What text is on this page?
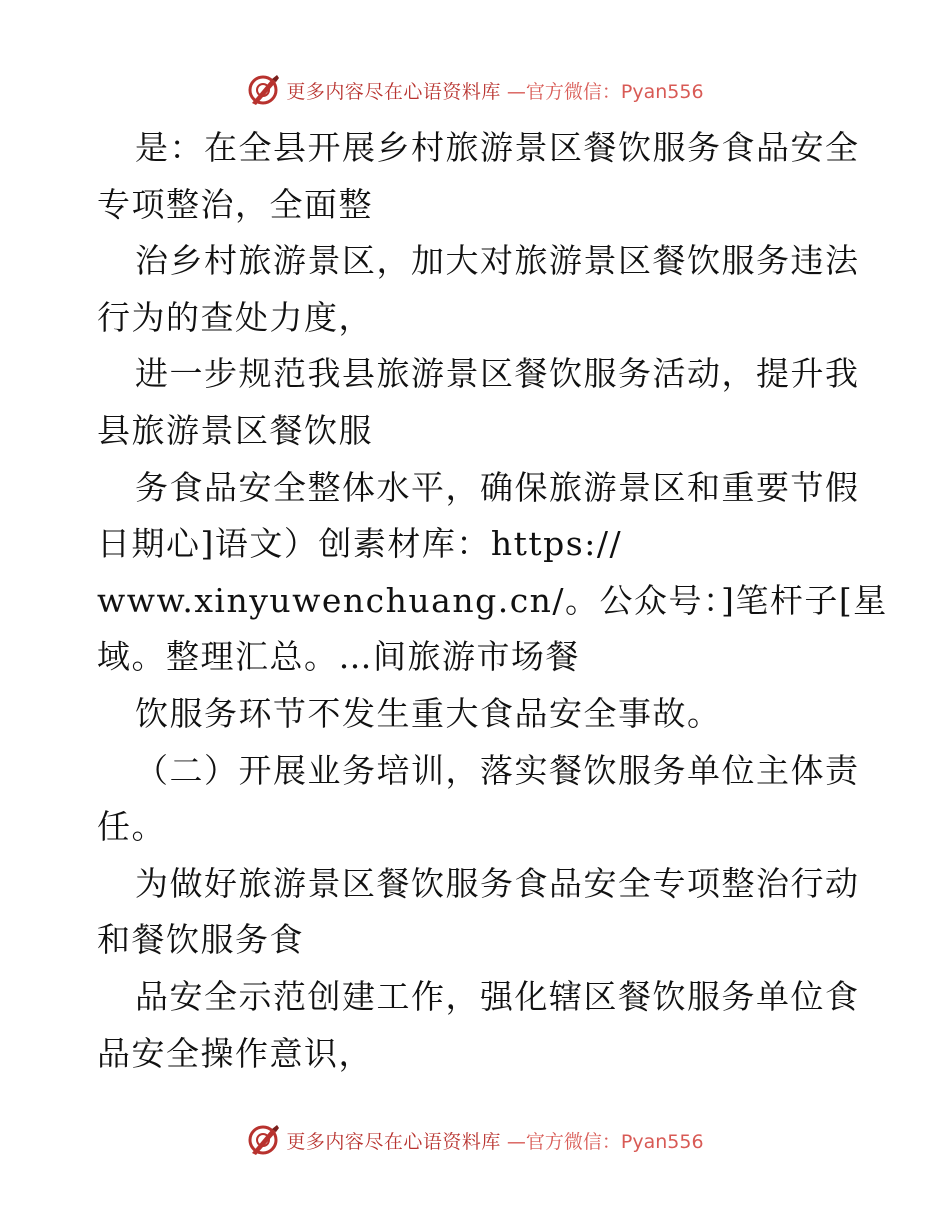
更多内容尽在心语资料库 —官方微信：Pyan556
是：在全县开展乡村旅游景区餐饮服务食品安全
专项整治，全面整
治乡村旅游景区，加大对旅游景区餐饮服务违法
行为的查处力度，
进一步规范我县旅游景区餐饮服务活动，提升我
县旅游景区餐饮服
务食品安全整体水平，确保旅游景区和重要节假
日期心]语文）创素材库：https://
www.xinyuwenchuang.cn/。公众号：]笔杆子[星
域。整理汇总。…间旅游市场餐
饮服务环节不发生重大食品安全事故。
（二）开展业务培训，落实餐饮服务单位主体责
任。
为做好旅游景区餐饮服务食品安全专项整治行动
和餐饮服务食
品安全示范创建工作，强化辖区餐饮服务单位食
品安全操作意识，
更多内容尽在心语资料库 —官方微信：Pyan556
